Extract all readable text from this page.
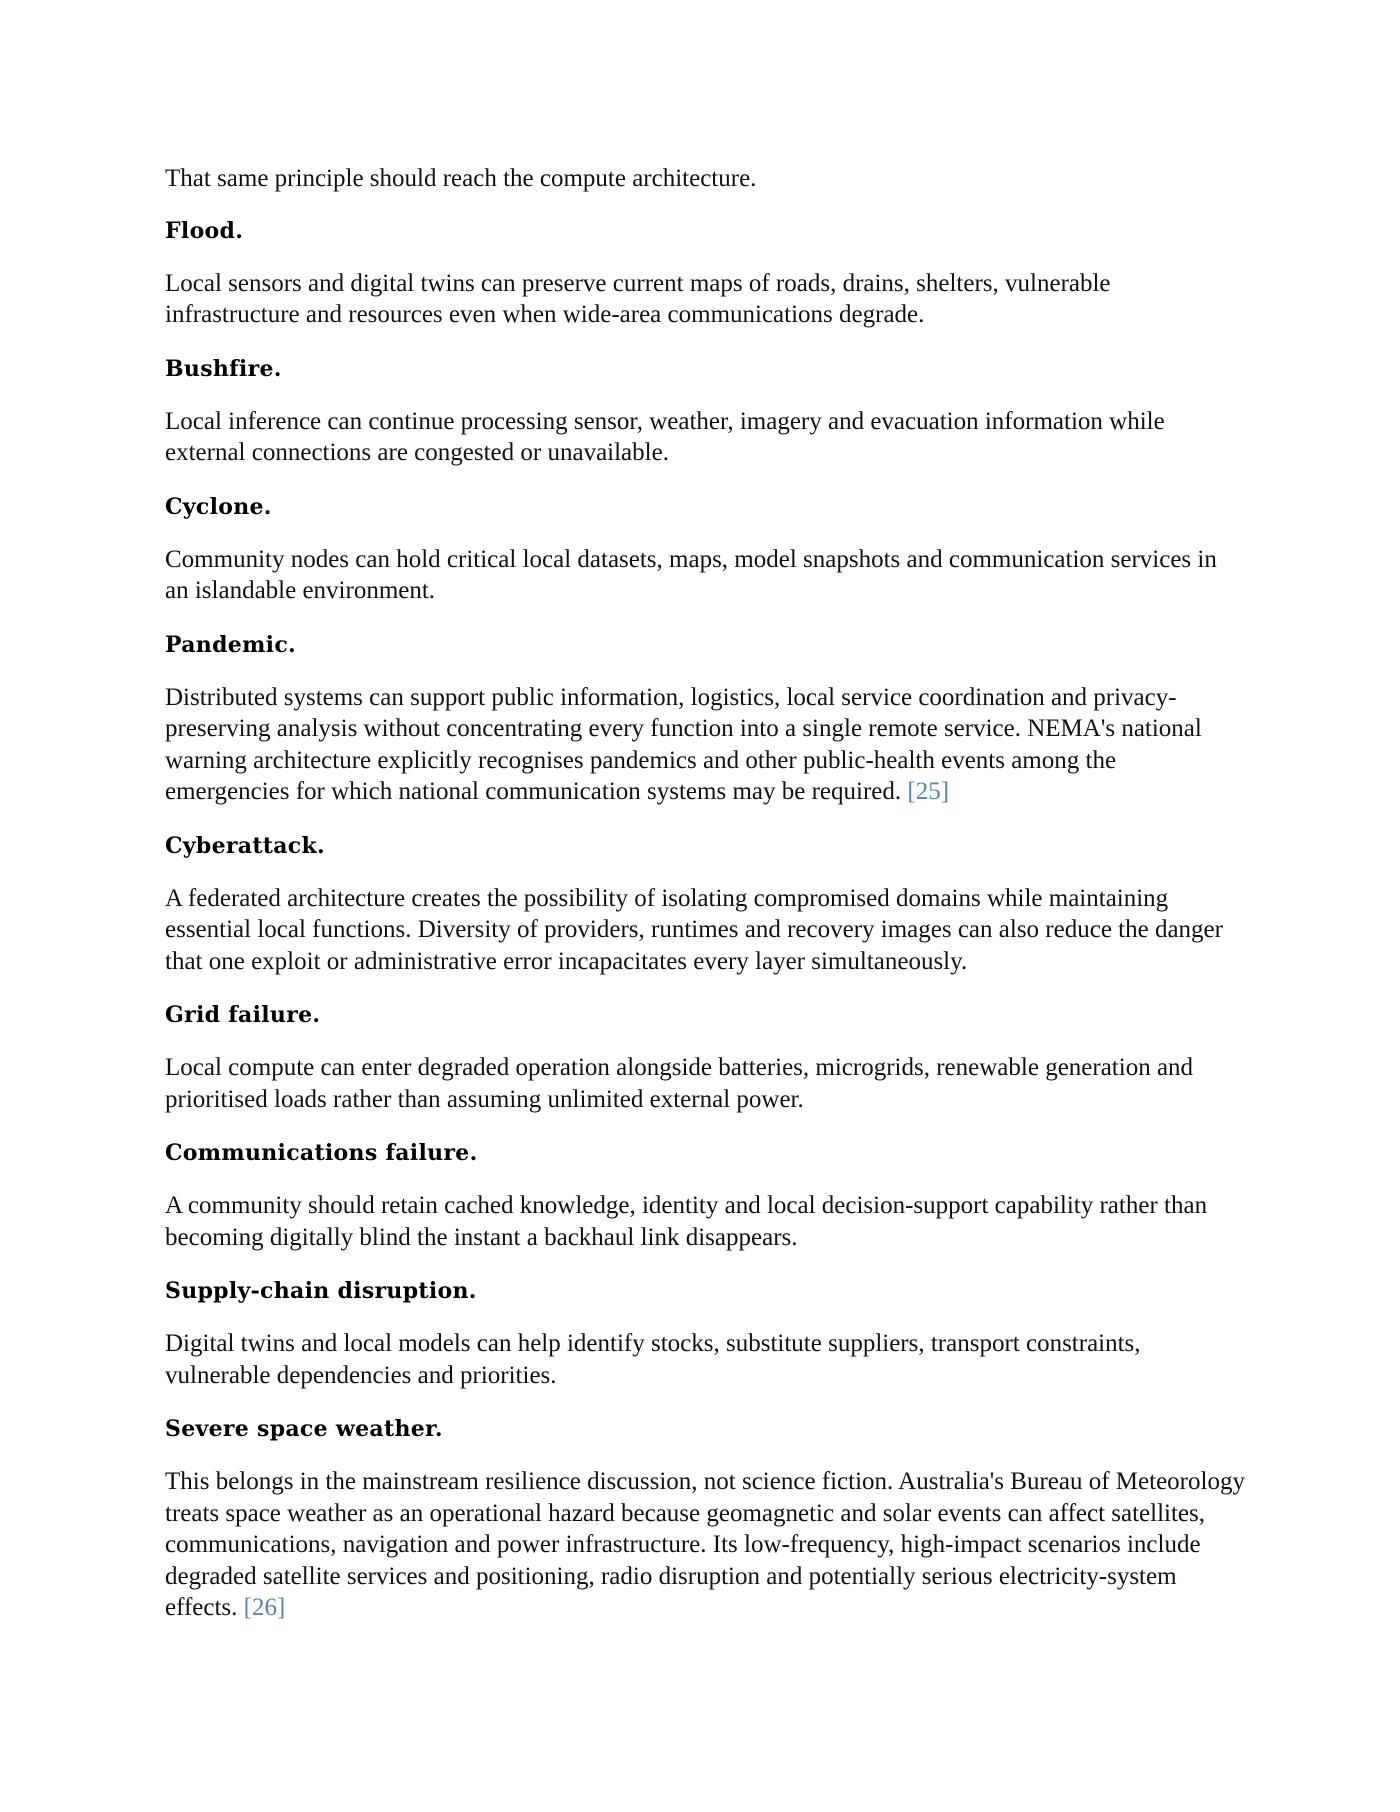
That same principle should reach the compute architecture.

Flood.

Local sensors and digital twins can preserve current maps of roads, drains, shelters, vulnerable infrastructure and resources even when wide-area communications degrade.

Bushfire.

Local inference can continue processing sensor, weather, imagery and evacuation information while external connections are congested or unavailable.

Cyclone.

Community nodes can hold critical local datasets, maps, model snapshots and communication services in an islandable environment.

Pandemic.

Distributed systems can support public information, logistics, local service coordination and privacy-preserving analysis without concentrating every function into a single remote service. NEMA's national warning architecture explicitly recognises pandemics and other public-health events among the emergencies for which national communication systems may be required. [25]

Cyberattack.

A federated architecture creates the possibility of isolating compromised domains while maintaining essential local functions. Diversity of providers, runtimes and recovery images can also reduce the danger that one exploit or administrative error incapacitates every layer simultaneously.

Grid failure.

Local compute can enter degraded operation alongside batteries, microgrids, renewable generation and prioritised loads rather than assuming unlimited external power.

Communications failure.

A community should retain cached knowledge, identity and local decision-support capability rather than becoming digitally blind the instant a backhaul link disappears.

Supply-chain disruption.

Digital twins and local models can help identify stocks, substitute suppliers, transport constraints, vulnerable dependencies and priorities.

Severe space weather.

This belongs in the mainstream resilience discussion, not science fiction. Australia's Bureau of Meteorology treats space weather as an operational hazard because geomagnetic and solar events can affect satellites, communications, navigation and power infrastructure. Its low-frequency, high-impact scenarios include degraded satellite services and positioning, radio disruption and potentially serious electricity-system effects. [26]
